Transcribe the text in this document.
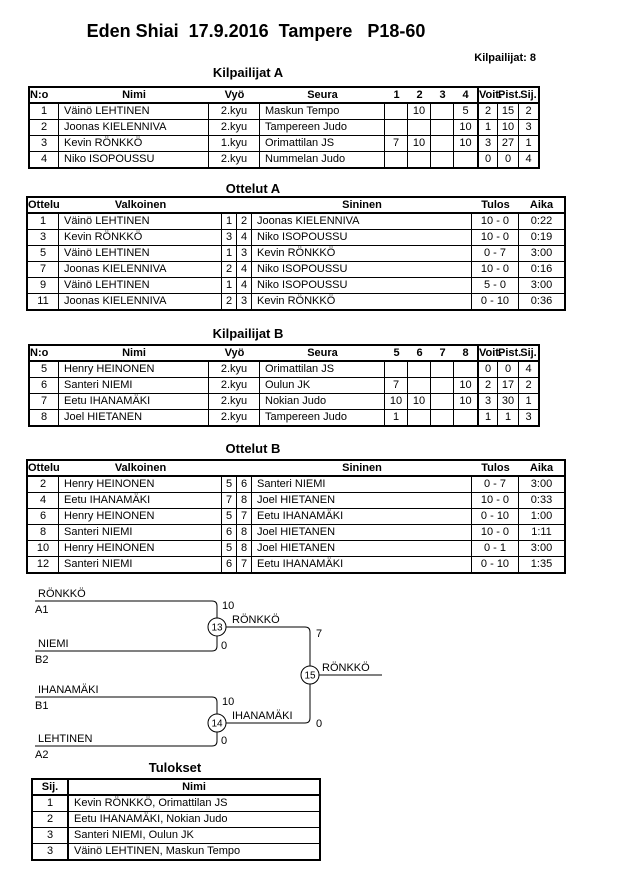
Eden Shiai  17.9.2016  Tampere   P18-60
Kilpailijat: 8
Kilpailijat A
N:o	Nimi	Vyö	Seura	1	2	3	4	Voit.	Pist.	Sij.
1	Väinö LEHTINEN	2.kyu	Maskun Tempo		10		5	2	15	2
2	Joonas KIELENNIVA	2.kyu	Tampereen Judo				10	1	10	3
3	Kevin RÖNKKÖ	1.kyu	Orimattilan JS	7	10		10	3	27	1
4	Niko ISOPOUSSU	2.kyu	Nummelan Judo					0	0	4
Ottelut A
Ottelu	Valkoinen			Sininen	Tulos	Aika
1	Väinö LEHTINEN	1	2	Joonas KIELENNIVA	10 - 0	0:22
3	Kevin RÖNKKÖ	3	4	Niko ISOPOUSSU	10 - 0	0:19
5	Väinö LEHTINEN	1	3	Kevin RÖNKKÖ	0 - 7	3:00
7	Joonas KIELENNIVA	2	4	Niko ISOPOUSSU	10 - 0	0:16
9	Väinö LEHTINEN	1	4	Niko ISOPOUSSU	5 - 0	3:00
11	Joonas KIELENNIVA	2	3	Kevin RÖNKKÖ	0 - 10	0:36
Kilpailijat B
N:o	Nimi	Vyö	Seura	5	6	7	8	Voit.	Pist.	Sij.
5	Henry HEINONEN	2.kyu	Orimattilan JS					0	0	4
6	Santeri NIEMI	2.kyu	Oulun JK	7			10	2	17	2
7	Eetu IHANAMÄKI	2.kyu	Nokian Judo	10	10		10	3	30	1
8	Joel HIETANEN	2.kyu	Tampereen Judo	1				1	1	3
Ottelut B
Ottelu	Valkoinen			Sininen	Tulos	Aika
2	Henry HEINONEN	5	6	Santeri NIEMI	0 - 7	3:00
4	Eetu IHANAMÄKI	7	8	Joel HIETANEN	10 - 0	0:33
6	Henry HEINONEN	5	7	Eetu IHANAMÄKI	0 - 10	1:00
8	Santeri NIEMI	6	8	Joel HIETANEN	10 - 0	1:11
10	Henry HEINONEN	5	8	Joel HIETANEN	0 - 1	3:00
12	Santeri NIEMI	6	7	Eetu IHANAMÄKI	0 - 10	1:35
13
14
15
RÖNKKÖ
A1	10
NIEMI
B2
0
RÖNKKÖ
7
RÖNKKÖ
IHANAMÄKI
B1	10
LEHTINEN
A2
0
IHANAMÄKI
0
Tulokset
Sij.	Nimi
1	Kevin RÖNKKÖ, Orimattilan JS
2	Eetu IHANAMÄKI, Nokian Judo
3	Santeri NIEMI, Oulun JK
3	Väinö LEHTINEN, Maskun Tempo
